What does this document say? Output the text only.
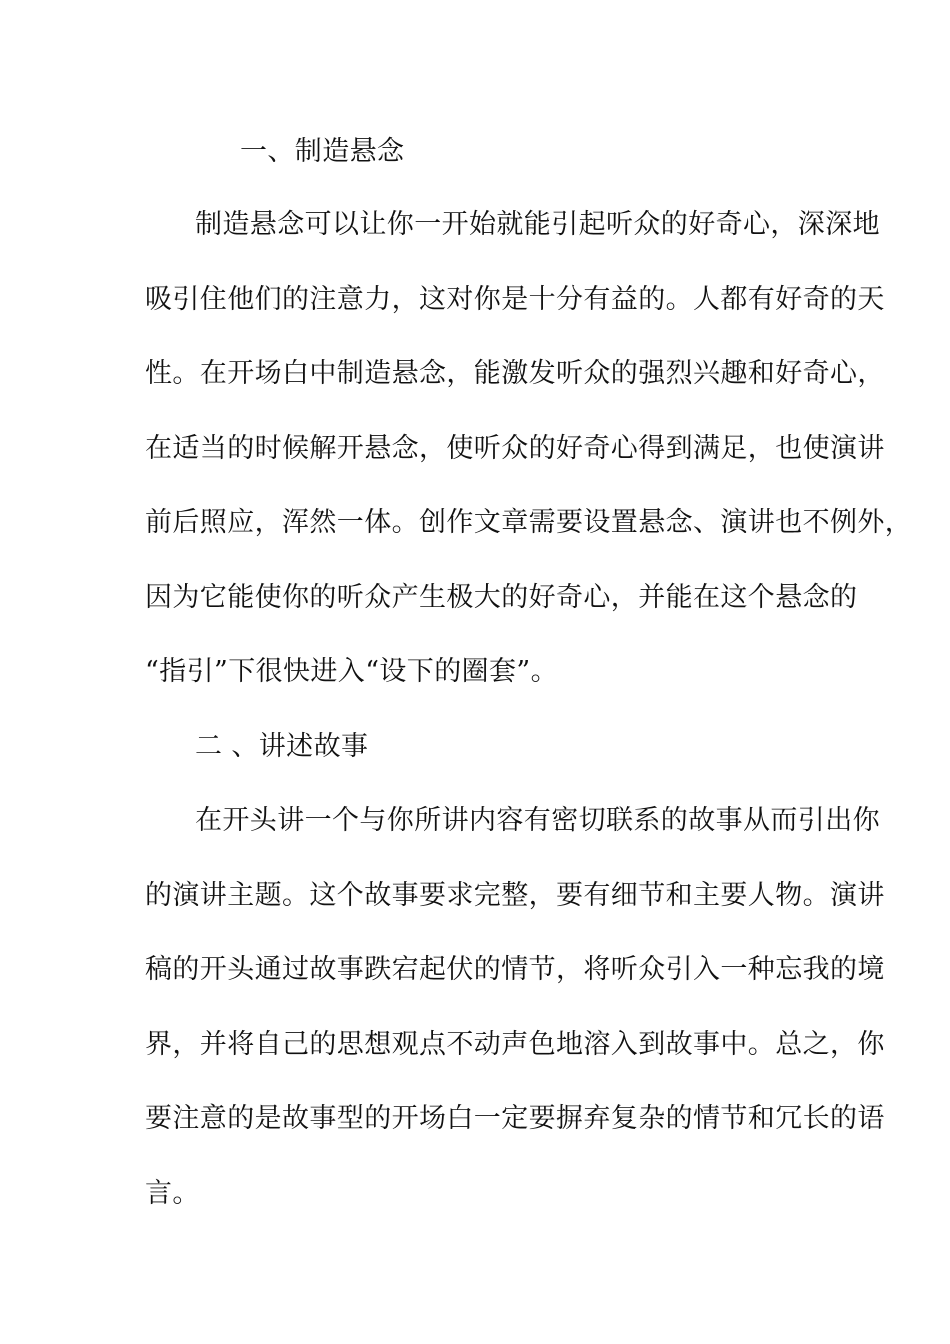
一、制造悬念
制造悬念可以让你一开始就能引起听众的好奇心，深深地
吸引住他们的注意力，这对你是十分有益的。人都有好奇的天
性。在开场白中制造悬念，能激发听众的强烈兴趣和好奇心，
在适当的时候解开悬念，使听众的好奇心得到满足，也使演讲
前后照应，浑然一体。创作文章需要设置悬念、演讲也不例外，
因为它能使你的听众产生极大的好奇心，并能在这个悬念的
“指引”下很快进入“设下的圈套”。
二 、讲述故事
在开头讲一个与你所讲内容有密切联系的故事从而引出你
的演讲主题。这个故事要求完整，要有细节和主要人物。演讲
稿的开头通过故事跌宕起伏的情节，将听众引入一种忘我的境
界，并将自己的思想观点不动声色地溶入到故事中。总之，你
要注意的是故事型的开场白一定要摒弃复杂的情节和冗长的语
言。
